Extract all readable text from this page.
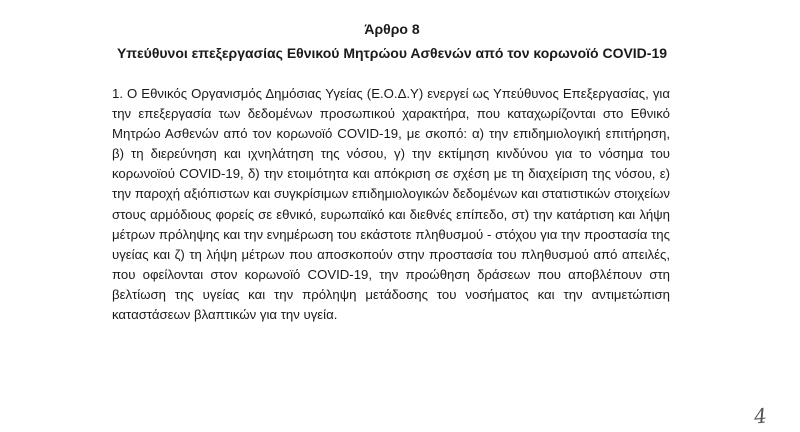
Άρθρο 8
Υπεύθυνοι επεξεργασίας Εθνικού Μητρώου Ασθενών από τον κορωνοϊό COVID-19

1. Ο Εθνικός Οργανισμός Δημόσιας Υγείας (Ε.Ο.Δ.Υ) ενεργεί ως Υπεύθυνος Επεξεργασίας, για την επεξεργασία των δεδομένων προσωπικού χαρακτήρα, που καταχωρίζονται στο Εθνικό Μητρώο Ασθενών από τον κορωνοϊό COVID-19, με σκοπό: α) την επιδημιολογική επιτήρηση, β) τη διερεύνηση και ιχνηλάτηση της νόσου, γ) την εκτίμηση κινδύνου για το νόσημα του κορωνοϊού COVID-19, δ) την ετοιμότητα και απόκριση σε σχέση με τη διαχείριση της νόσου, ε) την παροχή αξιόπιστων και συγκρίσιμων επιδημιολογικών δεδομένων και στατιστικών στοιχείων στους αρμόδιους φορείς σε εθνικό, ευρωπαϊκό και διεθνές επίπεδο, στ) την κατάρτιση και λήψη μέτρων πρόληψης και την ενημέρωση του εκάστοτε πληθυσμού - στόχου για την προστασία της υγείας και ζ) τη λήψη μέτρων που αποσκοπούν στην προστασία του πληθυσμού από απειλές, που οφείλονται στον κορωνοϊό COVID-19, την προώθηση δράσεων που αποβλέπουν στη βελτίωση της υγείας και την πρόληψη μετάδοσης του νοσήματος και την αντιμετώπιση καταστάσεων βλαπτικών για την υγεία.

4
